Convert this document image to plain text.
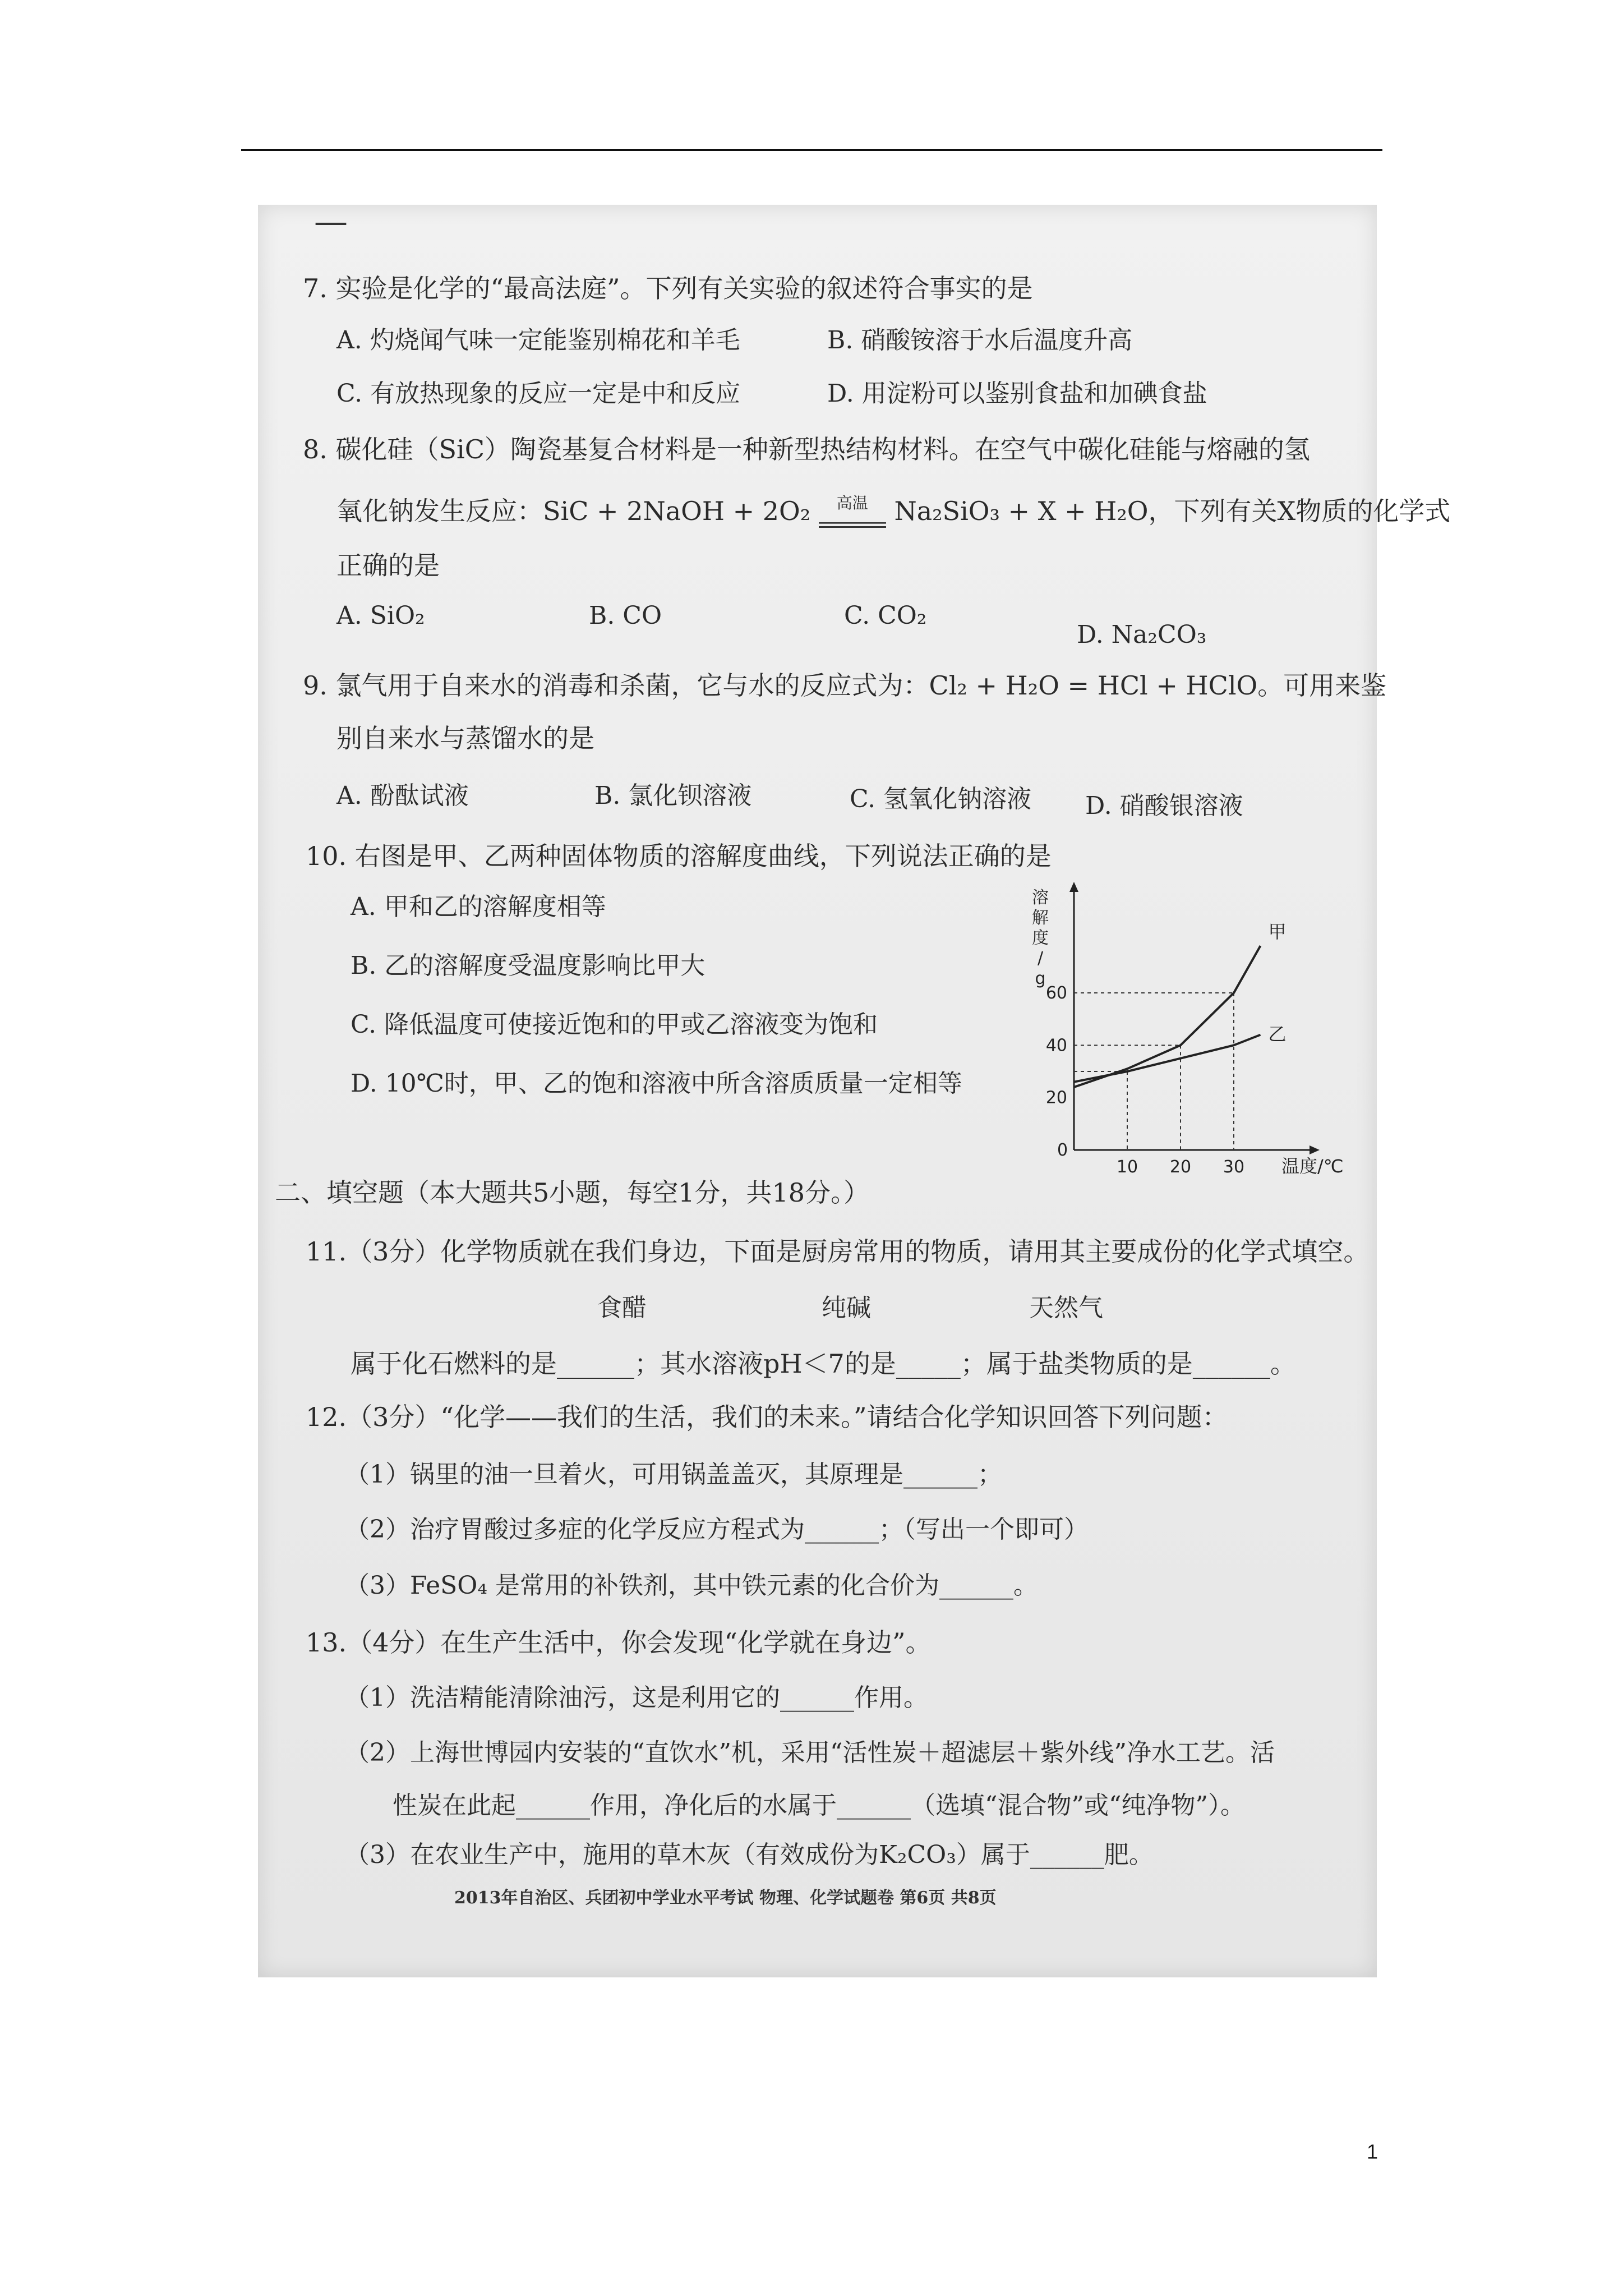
—
7. 实验是化学的“最高法庭”。下列有关实验的叙述符合事实的是
A. 灼烧闻气味一定能鉴别棉花和羊毛	B. 硝酸铵溶于水后温度升高
C. 有放热现象的反应一定是中和反应	D. 用淀粉可以鉴别食盐和加碘食盐
8. 碳化硅（SiC）陶瓷基复合材料是一种新型热结构材料。在空气中碳化硅能与熔融的氢
氧化钠发生反应：SiC + 2NaOH + 2O₂	高温	Na₂SiO₃ + X + H₂O，下列有关X物质的化学式
正确的是
A. SiO₂	B. CO	C. CO₂
D. Na₂CO₃
9. 氯气用于自来水的消毒和杀菌，它与水的反应式为：Cl₂ + H₂O = HCl + HClO。可用来鉴
别自来水与蒸馏水的是
A. 酚酞试液	B. 氯化钡溶液	C. 氢氧化钠溶液 D. 硝酸银溶液
10. 右图是甲、乙两种固体物质的溶解度曲线，下列说法正确的是
A. 甲和乙的溶解度相等
B. 乙的溶解度受温度影响比甲大
C. 降低温度可使接近饱和的甲或乙溶液变为饱和
D. 10℃时，甲、乙的饱和溶液中所含溶质质量一定相等
溶
解
度
/
g
温度/℃
0
10 20 30
20
40
60
甲
乙
二、填空题（本大题共5小题，每空1分，共18分。）
11.（3分）化学物质就在我们身边，下面是厨房常用的物质，请用其主要成份的化学式填空。
食醋	纯碱	天然气
属于化石燃料的是______；其水溶液pH＜7的是_____；属于盐类物质的是______。
12.（3分）“化学——我们的生活，我们的未来。”请结合化学知识回答下列问题：
（1）锅里的油一旦着火，可用锅盖盖灭，其原理是______；
（2）治疗胃酸过多症的化学反应方程式为______；（写出一个即可）
（3）FeSO₄ 是常用的补铁剂，其中铁元素的化合价为______。
13.（4分）在生产生活中，你会发现“化学就在身边”。
（1）洗洁精能清除油污，这是利用它的______作用。
（2）上海世博园内安装的“直饮水”机，采用“活性炭＋超滤层＋紫外线”净水工艺。活
性炭在此起______作用，净化后的水属于______（选填“混合物”或“纯净物”）。
（3）在农业生产中，施用的草木灰（有效成份为K₂CO₃）属于______肥。
2013年自治区、兵团初中学业水平考试 物理、化学试题卷 第6页 共8页
1
